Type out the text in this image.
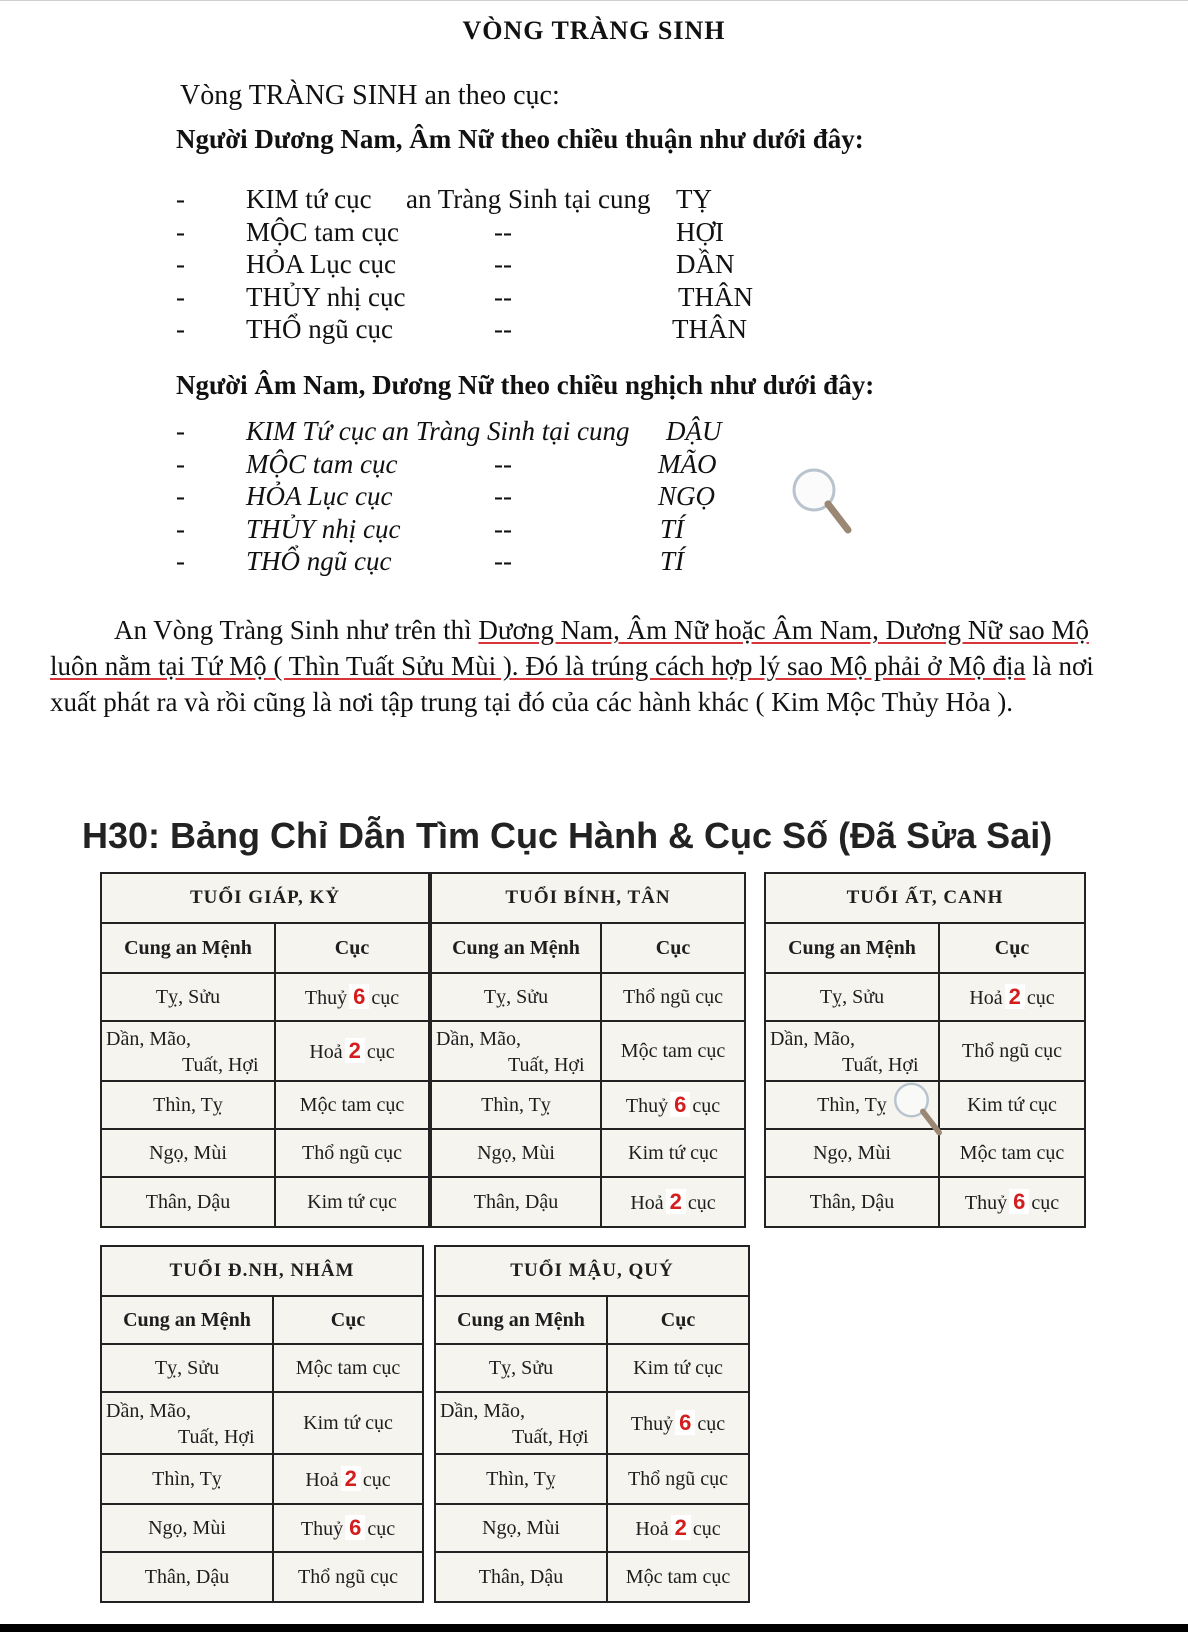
VÒNG TRÀNG SINH
Vòng TRÀNG SINH an theo cục:
Người Dương Nam, Âm Nữ theo chiều thuận như dưới đây:
- KIM tứ cục an Tràng Sinh tại cung TỴ
- MỘC tam cục	--	HỢI
- HỎA Lục cục	--	DẦN
- THỦY nhị cục	--	THÂN
- THỔ ngũ cục	--	THÂN
Người Âm Nam, Dương Nữ theo chiều nghịch như dưới đây:
- KIM Tứ cục an Tràng Sinh tại cung DẬU
- MỘC tam cục	--	MÃO
- HỎA Lục cục	--	NGỌ
- THỦY nhị cục	--	TÍ
- THỔ ngũ cục	--	TÍ

An Vòng Tràng Sinh như trên thì Dương Nam, Âm Nữ hoặc Âm Nam, Dương Nữ sao Mộ

luôn nằm tại Tứ Mộ ( Thìn Tuất Sửu Mùi ). Đó là trúng cách hợp lý sao Mộ phải ở Mộ địa là nơi

xuất phát ra và rồi cũng là nơi tập trung tại đó của các hành khác ( Kim Mộc Thủy Hỏa ).

H30: Bảng Chỉ Dẫn Tìm Cục Hành & Cục Số (Đã Sửa Sai)
TUỔI GIÁP, KỶ	
Cung an Mệnh	Cục
Tỵ, Sửu	Thuỷ 6 cục
Dần, Mão,
Tuất, Hợi	Hoả 2 cục
Thìn, Tỵ	Mộc tam cục
Ngọ, Mùi	Thổ ngũ cục
Thân, Dậu	Kim tứ cục
TUỔI BÍNH, TÂN	
Cung an Mệnh	Cục
Tỵ, Sửu	Thổ ngũ cục
Dần, Mão,
Tuất, Hợi	Mộc tam cục
Thìn, Tỵ	Thuỷ 6 cục
Ngọ, Mùi	Kim tứ cục
Thân, Dậu	Hoả 2 cục
TUỔI ẤT, CANH	
Cung an Mệnh	Cục
Tỵ, Sửu	Hoả 2 cục
Dần, Mão,
Tuất, Hợi	Thổ ngũ cục
Thìn, Tỵ	Kim tứ cục
Ngọ, Mùi	Mộc tam cục
Thân, Dậu	Thuỷ 6 cục
TUỔI Đ.NH, NHÂM	
Cung an Mệnh	Cục
Tỵ, Sửu	Mộc tam cục
Dần, Mão,
Tuất, Hợi	Kim tứ cục
Thìn, Tỵ	Hoả 2 cục
Ngọ, Mùi	Thuỷ 6 cục
Thân, Dậu	Thổ ngũ cục
TUỔI MẬU, QUÝ	
Cung an Mệnh	Cục
Tỵ, Sửu	Kim tứ cục
Dần, Mão,
Tuất, Hợi	Thuỷ 6 cục
Thìn, Tỵ	Thổ ngũ cục
Ngọ, Mùi	Hoả 2 cục
Thân, Dậu	Mộc tam cục
